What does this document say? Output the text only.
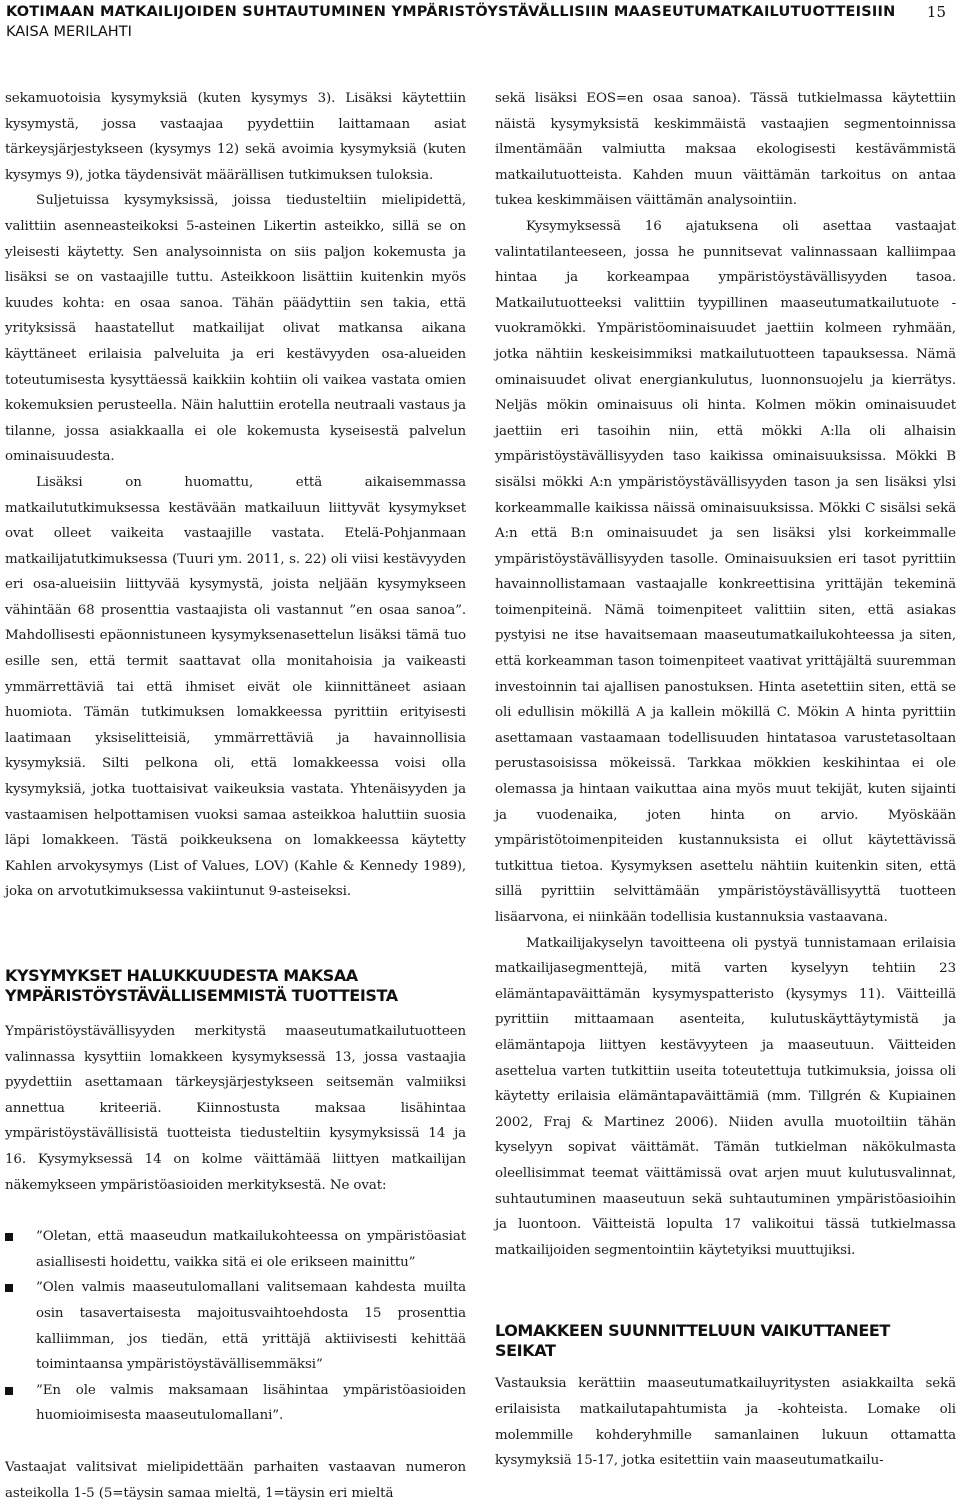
KOTIMAAN MATKAILIJOIDEN SUHTAUTUMINEN YMPÄRISTÖYSTÄVÄLLISIIN MAASEUTUMATKAILUTUOTTEISIIN
KAISA MERILAHTI
15

sekamuotoisia kysymyksiä (kuten kysymys 3). Lisäksi käytettiin kysymystä, jossa vastaajaa pyydettiin laittamaan asiat tärkeysjärjestykseen (kysymys 12) sekä avoimia kysymyksiä (kuten kysymys 9), jotka täydensivät määrällisen tutkimuksen tuloksia.

Suljetuissa kysymyksissä, joissa tiedusteltiin mielipidettä, valittiin asenneasteikoksi 5-asteinen Likertin asteikko, sillä se on yleisesti käytetty. Sen analysoinnista on siis paljon kokemusta ja lisäksi se on vastaajille tuttu. Asteikkoon lisättiin kuitenkin myös kuudes kohta: en osaa sanoa. Tähän päädyttiin sen takia, että yrityksissä haastatellut matkailijat olivat matkansa aikana käyttäneet erilaisia palveluita ja eri kestävyyden osa-alueiden toteutumisesta kysyttäessä kaikkiin kohtiin oli vaikea vastata omien kokemuksien perusteella. Näin haluttiin erotella neutraali vastaus ja tilanne, jossa asiakkaalla ei ole kokemusta kyseisestä palvelun ominaisuudesta.

Lisäksi on huomattu, että aikaisemmassa matkailututkimuksessa kestävään matkailuun liittyvät kysymykset ovat olleet vaikeita vastaajille vastata. Etelä-Pohjanmaan matkailijatutkimuksessa (Tuuri ym. 2011, s. 22) oli viisi kestävyyden eri osa-alueisiin liittyvää kysymystä, joista neljään kysymykseen vähintään 68 prosenttia vastaajista oli vastannut ”en osaa sanoa”. Mahdollisesti epäonnistuneen kysymyksenasettelun lisäksi tämä tuo esille sen, että termit saattavat olla monitahoisia ja vaikeasti ymmärrettäviä tai että ihmiset eivät ole kiinnittäneet asiaan huomiota. Tämän tutkimuksen lomakkeessa pyrittiin erityisesti laatimaan yksiselitteisiä, ymmärrettäviä ja havainnollisia kysymyksiä. Silti pelkona oli, että lomakkeessa voisi olla kysymyksiä, jotka tuottaisivat vaikeuksia vastata. Yhtenäisyyden ja vastaamisen helpottamisen vuoksi samaa asteikkoa haluttiin suosia läpi lomakkeen. Tästä poikkeuksena on lomakkeessa käytetty Kahlen arvokysymys (List of Values, LOV) (Kahle & Kennedy 1989), joka on arvotutkimuksessa vakiintunut 9-asteiseksi.

KYSYMYKSET HALUKKUUDESTA MAKSAA
YMPÄRISTÖYSTÄVÄLLISEMMISTÄ TUOTTEISTA

Ympäristöystävällisyyden merkitystä maaseutumatkailutuotteen valinnassa kysyttiin lomakkeen kysymyksessä 13, jossa vastaajia pyydettiin asettamaan tärkeysjärjestykseen seitsemän valmiiksi annettua kriteeriä. Kiinnostusta maksaa lisähintaa ympäristöystävällisistä tuotteista tiedusteltiin kysymyksissä 14 ja 16. Kysymyksessä 14 on kolme väittämää liittyen matkailijan näkemykseen ympäristöasioiden merkityksestä. Ne ovat:

”Oletan, että maaseudun matkailukohteessa on ympäristöasiat asiallisesti hoidettu, vaikka sitä ei ole erikseen mainittu”

”Olen valmis maaseutulomallani valitsemaan kahdesta muilta osin tasavertaisesta majoitusvaihtoehdosta 15 prosenttia kalliimman, jos tiedän, että yrittäjä aktiivisesti kehittää toimintaansa ympäristöystävällisemmäksi”

”En ole valmis maksamaan lisähintaa ympäristöasioiden huomioimisesta maaseutulomallani”.

Vastaajat valitsivat mielipidettään parhaiten vastaavan numeron asteikolla 1-5 (5=täysin samaa mieltä, 1=täysin eri mieltä

sekä lisäksi EOS=en osaa sanoa). Tässä tutkielmassa käytettiin näistä kysymyksistä keskimmäistä vastaajien segmentoinnissa ilmentämään valmiutta maksaa ekologisesti kestävämmistä matkailutuotteista. Kahden muun väittämän tarkoitus on antaa tukea keskimmäisen väittämän analysointiin.

Kysymyksessä 16 ajatuksena oli asettaa vastaajat valintatilanteeseen, jossa he punnitsevat valinnassaan kalliimpaa hintaa ja korkeampaa ympäristöystävällisyyden tasoa. Matkailutuotteeksi valittiin tyypillinen maaseutumatkailutuote - vuokramökki. Ympäristöominaisuudet jaettiin kolmeen ryhmään, jotka nähtiin keskeisimmiksi matkailutuotteen tapauksessa. Nämä ominaisuudet olivat energiankulutus, luonnonsuojelu ja kierrätys. Neljäs mökin ominaisuus oli hinta. Kolmen mökin ominaisuudet jaettiin eri tasoihin niin, että mökki A:lla oli alhaisin ympäristöystävällisyyden taso kaikissa ominaisuuksissa. Mökki B sisälsi mökki A:n ympäristöystävällisyyden tason ja sen lisäksi ylsi korkeammalle kaikissa näissä ominaisuuksissa. Mökki C sisälsi sekä A:n että B:n ominaisuudet ja sen lisäksi ylsi korkeimmalle ympäristöystävällisyyden tasolle. Ominaisuuksien eri tasot pyrittiin havainnollistamaan vastaajalle konkreettisina yrittäjän tekeminä toimenpiteinä. Nämä toimenpiteet valittiin siten, että asiakas pystyisi ne itse havaitsemaan maaseutumatkailukohteessa ja siten, että korkeamman tason toimenpiteet vaativat yrittäjältä suuremman investoinnin tai ajallisen panostuksen. Hinta asetettiin siten, että se oli edullisin mökillä A ja kallein mökillä C. Mökin A hinta pyrittiin asettamaan vastaamaan todellisuuden hintatasoa varustetasoltaan perustasoisissa mökeissä. Tarkkaa mökkien keskihintaa ei ole olemassa ja hintaan vaikuttaa aina myös muut tekijät, kuten sijainti ja vuodenaika, joten hinta on arvio. Myöskään ympäristötoimenpiteiden kustannuksista ei ollut käytettävissä tutkittua tietoa. Kysymyksen asettelu nähtiin kuitenkin siten, että sillä pyrittiin selvittämään ympäristöystävällisyyttä tuotteen lisäarvona, ei niinkään todellisia kustannuksia vastaavana.

Matkailijakyselyn tavoitteena oli pystyä tunnistamaan erilaisia matkailijasegmenttejä, mitä varten kyselyyn tehtiin 23 elämäntapaväittämän kysymyspatteristo (kysymys 11). Väitteillä pyrittiin mittaamaan asenteita, kulutuskäyttäytymistä ja elämäntapoja liittyen kestävyyteen ja maaseutuun. Väitteiden asettelua varten tutkittiin useita toteutettuja tutkimuksia, joissa oli käytetty erilaisia elämäntapaväittämiä (mm. Tillgrén & Kupiainen 2002, Fraj & Martinez 2006). Niiden avulla muotoiltiin tähän kyselyyn sopivat väittämät. Tämän tutkielman näkökulmasta oleellisimmat teemat väittämissä ovat arjen muut kulutusvalinnat, suhtautuminen maaseutuun sekä suhtautuminen ympäristöasioihin ja luontoon. Väitteistä lopulta 17 valikoitui tässä tutkielmassa matkailijoiden segmentointiin käytetyiksi muuttujiksi.

LOMAKKEEN SUUNNITTELUUN VAIKUTTANEET
SEIKAT

Vastauksia kerättiin maaseutumatkailuyritysten asiakkailta sekä erilaisista matkailutapahtumista ja -kohteista. Lomake oli molemmille kohderyhmille samanlainen lukuun ottamatta kysymyksiä 15-17, jotka esitettiin vain maaseutumatkailu-
